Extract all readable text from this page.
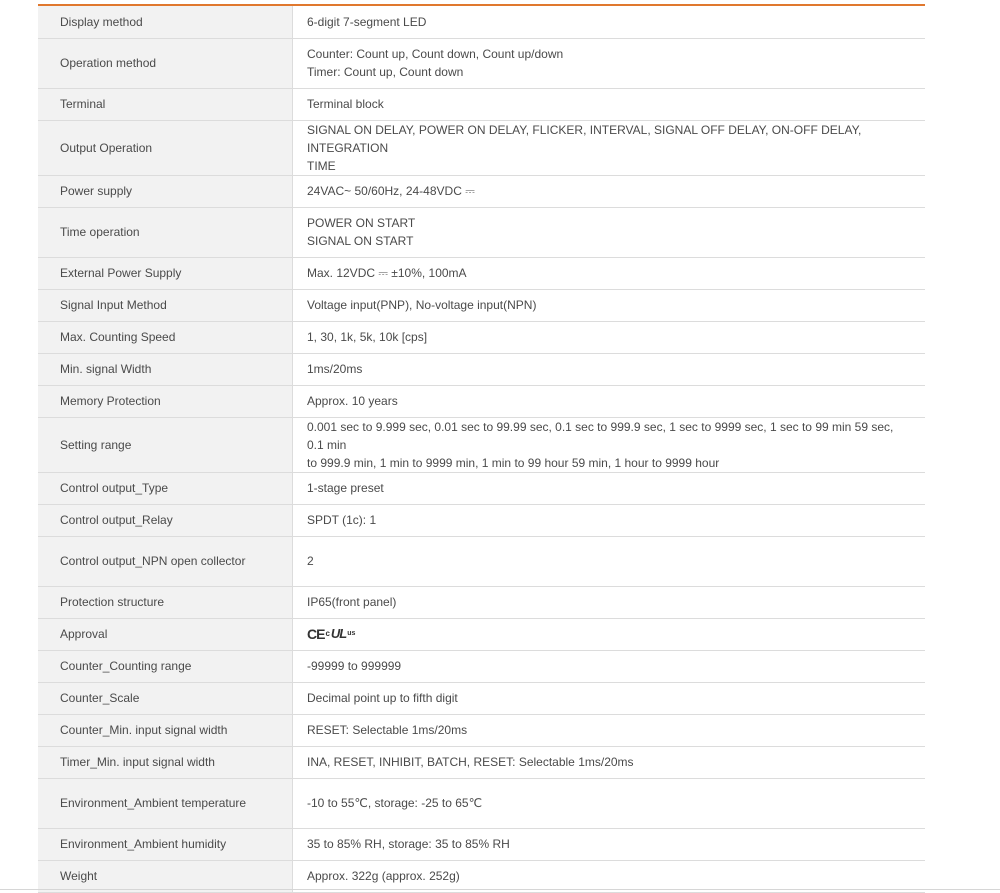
Display method	6-digit 7-segment LED

Operation method	Counter: Count up, Count down, Count up/down
Timer: Count up, Count down

Terminal	Terminal block

Output Operation	SIGNAL ON DELAY, POWER ON DELAY, FLICKER, INTERVAL, SIGNAL OFF DELAY, ON-OFF DELAY, INTEGRATION
TIME

Power supply	24VAC~ 50/60Hz, 24-48VDC ⎓

Time operation	POWER ON START
SIGNAL ON START

External Power Supply	Max. 12VDC ⎓ ±10%, 100mA

Signal Input Method	Voltage input(PNP), No-voltage input(NPN)

Max. Counting Speed	1, 30, 1k, 5k, 10k [cps]

Min. signal Width	1ms/20ms

Memory Protection	Approx. 10 years

Setting range	0.001 sec to 9.999 sec, 0.01 sec to 99.99 sec, 0.1 sec to 999.9 sec, 1 sec to 9999 sec, 1 sec to 99 min 59 sec, 0.1 min
to 999.9 min, 1 min to 9999 min, 1 min to 99 hour 59 min, 1 hour to 9999 hour

Control output_Type	1-stage preset

Control output_Relay	SPDT (1c): 1

Control output_NPN open collector	2

Protection structure	IP65(front panel)

Approval	CE c UL us

Counter_Counting range	-99999 to 999999

Counter_Scale	Decimal point up to fifth digit

Counter_Min. input signal width	RESET: Selectable 1ms/20ms

Timer_Min. input signal width	INA, RESET, INHIBIT, BATCH, RESET: Selectable 1ms/20ms

Environment_Ambient temperature	-10 to 55℃, storage: -25 to 65℃

Environment_Ambient humidity	35 to 85% RH, storage: 35 to 85% RH

Weight	Approx. 322g (approx. 252g)
